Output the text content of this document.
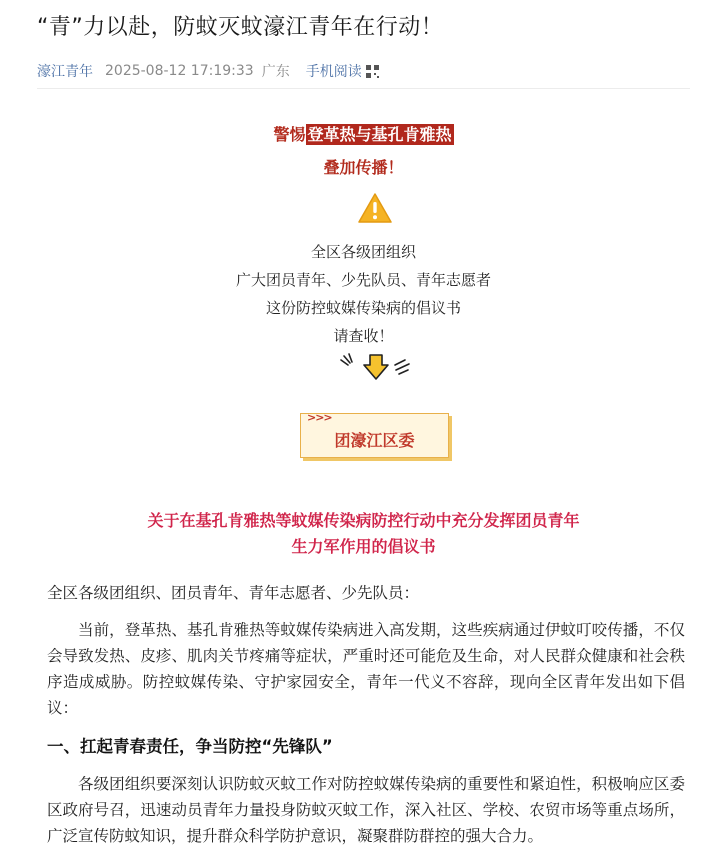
“青”力以赴，防蚊灭蚊濠江青年在行动！
濠江青年 2025-08-12 17:19:33 广东 手机阅读
警惕 登革热与基孔肯雅热
叠加传播！
全区各级团组织
广大团员青年、少先队员、青年志愿者
这份防控蚊媒传染病的倡议书
请查收！
>>>
团濠江区委
关于在基孔肯雅热等蚊媒传染病防控行动中充分发挥团员青年
生力军作用的倡议书
全区各级团组织、团员青年、青年志愿者、少先队员：
当前，登革热、基孔肯雅热等蚊媒传染病进入高发期，这些疾病通过伊蚊叮咬传播，不仅会导致发热、皮疹、肌肉关节疼痛等症状，严重时还可能危及生命，对人民群众健康和社会秩序造成威胁。防控蚊媒传染、守护家园安全，青年一代义不容辞，现向全区青年发出如下倡议：
一、扛起青春责任，争当防控“先锋队”
各级团组织要深刻认识防蚊灭蚊工作对防控蚊媒传染病的重要性和紧迫性，积极响应区委区政府号召，迅速动员青年力量投身防蚊灭蚊工作，深入社区、学校、农贸市场等重点场所，广泛宣传防蚊知识，提升群众科学防护意识，凝聚群防群控的强大合力。
